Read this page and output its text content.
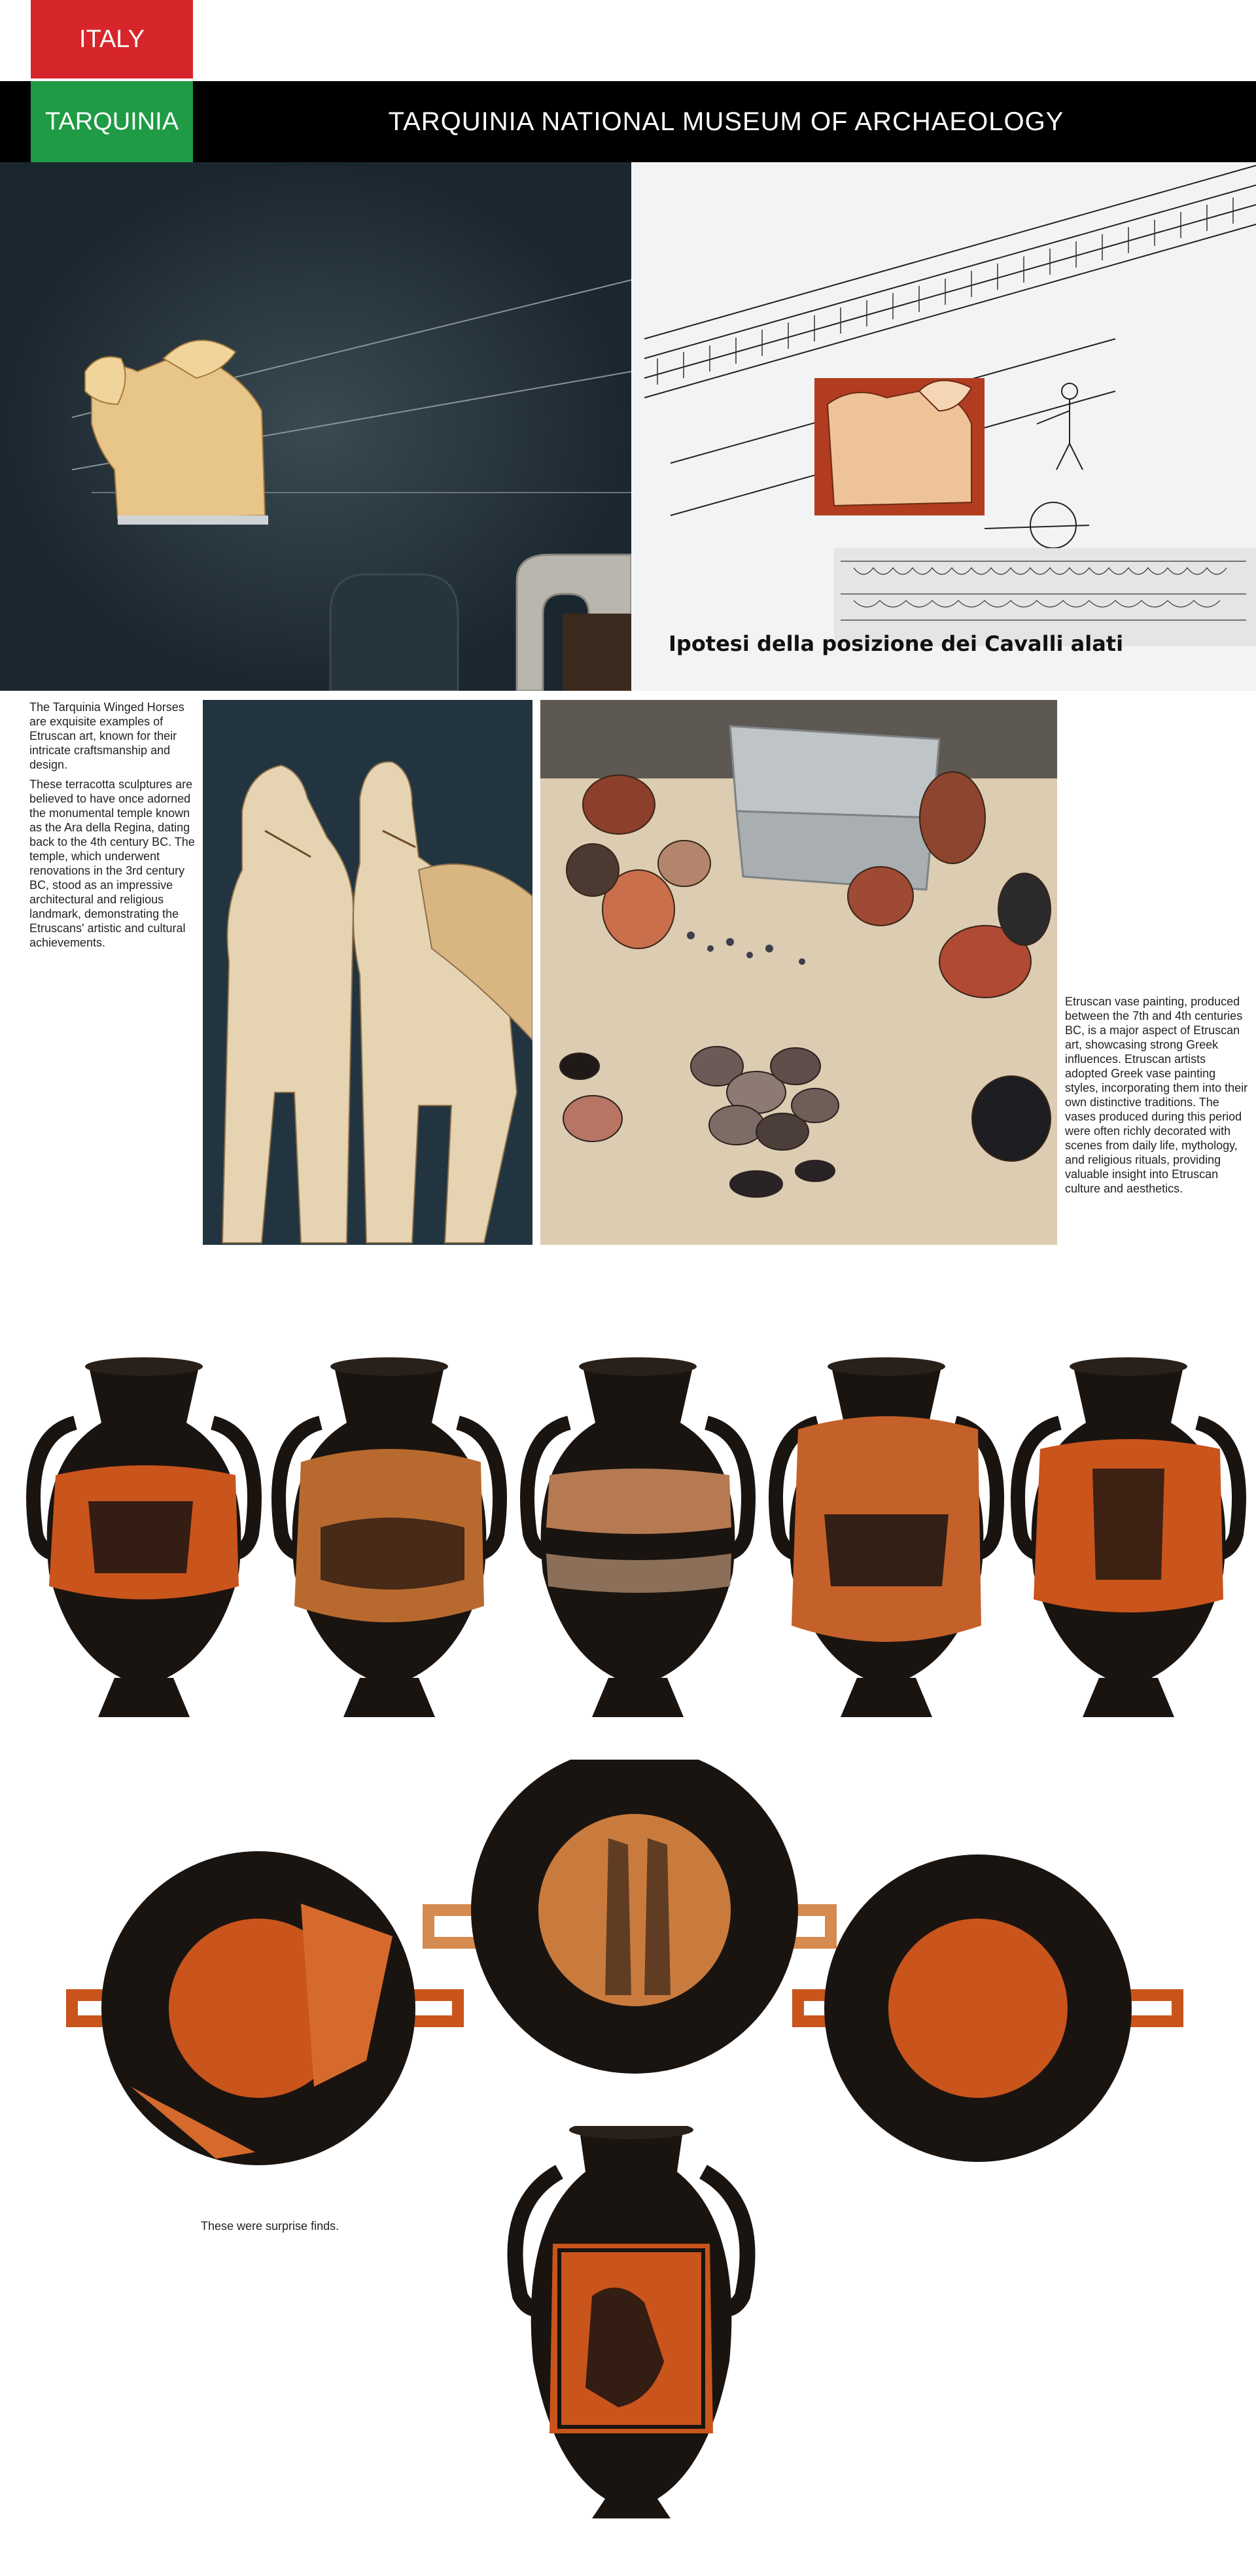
ITALY
TARQUINIA	TARQUINIA NATIONAL MUSEUM OF ARCHAEOLOGY
Ipotesi della posizione dei Cavalli alati
The Tarquinia Winged Horses are exquisite examples of Etruscan art, known for their intricate craftsmanship and design.
These terracotta sculptures are believed to have once adorned the monumental temple known as the Ara della Regina, dating back to the 4th century BC. The temple, which underwent renovations in the 3rd century BC, stood as an impressive architectural and religious landmark, demonstrating the Etruscans' artistic and cultural achievements.
Etruscan vase painting, produced between the 7th and 4th centuries BC, is a major aspect of Etruscan art, showcasing strong Greek influences. Etruscan artists adopted Greek vase painting styles, incorporating them into their own distinctive traditions. The vases produced during this period were often richly decorated with scenes from daily life, mythology, and religious rituals, providing valuable insight into Etruscan culture and aesthetics.
These were surprise finds.
